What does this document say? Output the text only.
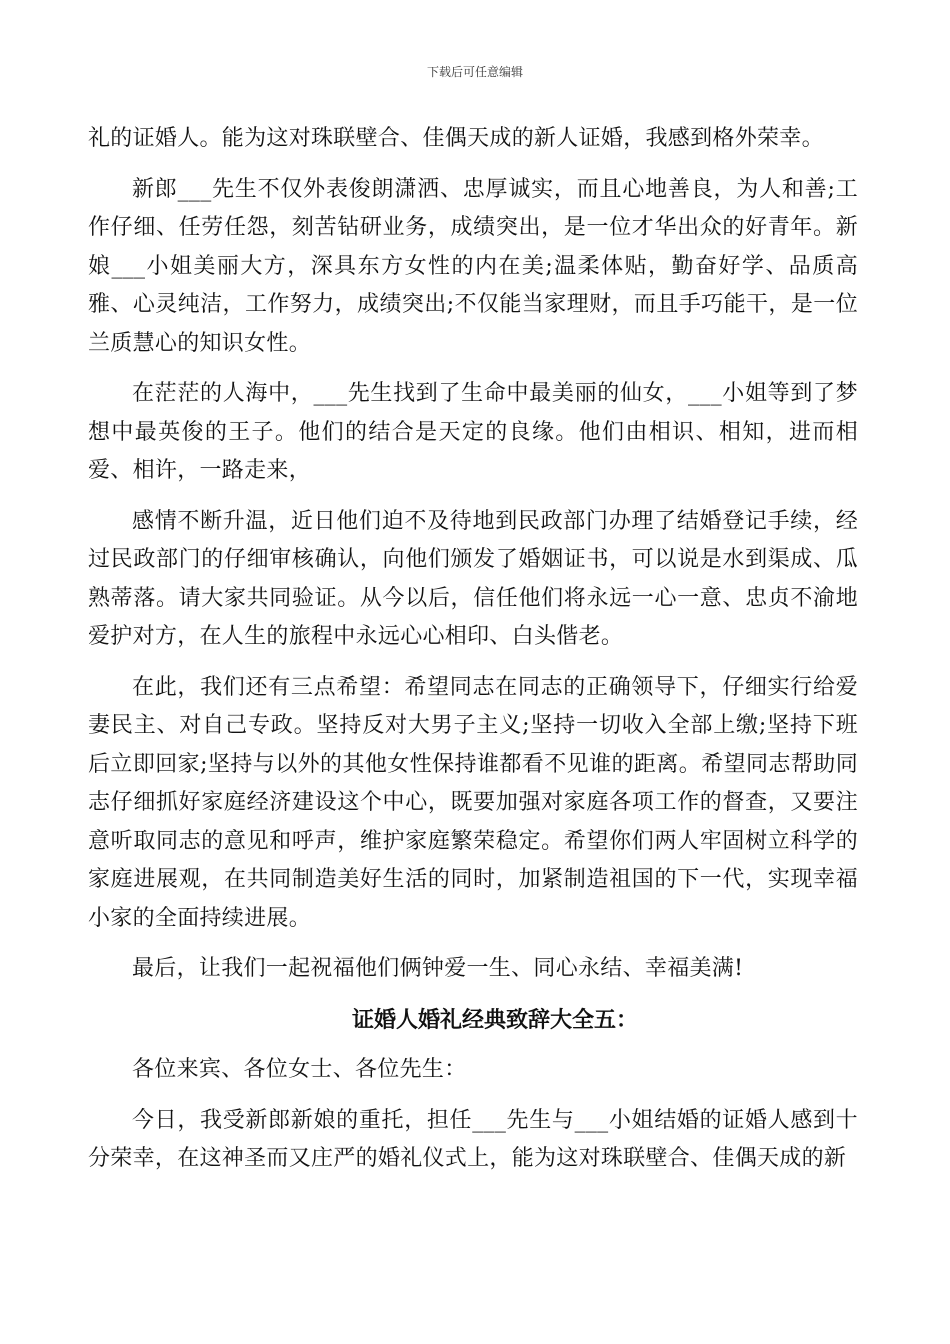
下载后可任意编辑

礼的证婚人。能为这对珠联壁合、佳偶天成的新人证婚，我感到格外荣幸。

新郎___先生不仅外表俊朗潇洒、忠厚诚实，而且心地善良，为人和善;工作仔细、任劳任怨，刻苦钻研业务，成绩突出，是一位才华出众的好青年。新娘___小姐美丽大方，深具东方女性的内在美;温柔体贴，勤奋好学、品质高雅、心灵纯洁，工作努力，成绩突出;不仅能当家理财，而且手巧能干，是一位兰质慧心的知识女性。

在茫茫的人海中，___先生找到了生命中最美丽的仙女，___小姐等到了梦想中最英俊的王子。他们的结合是天定的良缘。他们由相识、相知，进而相爱、相许，一路走来，

感情不断升温，近日他们迫不及待地到民政部门办理了结婚登记手续，经过民政部门的仔细审核确认，向他们颁发了婚姻证书，可以说是水到渠成、瓜熟蒂落。请大家共同验证。从今以后，信任他们将永远一心一意、忠贞不渝地爱护对方，在人生的旅程中永远心心相印、白头偕老。

在此，我们还有三点希望：希望同志在同志的正确领导下，仔细实行给爱妻民主、对自己专政。坚持反对大男子主义;坚持一切收入全部上缴;坚持下班后立即回家;坚持与以外的其他女性保持谁都看不见谁的距离。希望同志帮助同志仔细抓好家庭经济建设这个中心，既要加强对家庭各项工作的督查，又要注意听取同志的意见和呼声，维护家庭繁荣稳定。希望你们两人牢固树立科学的家庭进展观，在共同制造美好生活的同时，加紧制造祖国的下一代，实现幸福小家的全面持续进展。

最后，让我们一起祝福他们俩钟爱一生、同心永结、幸福美满!

证婚人婚礼经典致辞大全五：

各位来宾、各位女士、各位先生：

今日，我受新郎新娘的重托，担任___先生与___小姐结婚的证婚人感到十分荣幸，在这神圣而又庄严的婚礼仪式上，能为这对珠联壁合、佳偶天成的新
